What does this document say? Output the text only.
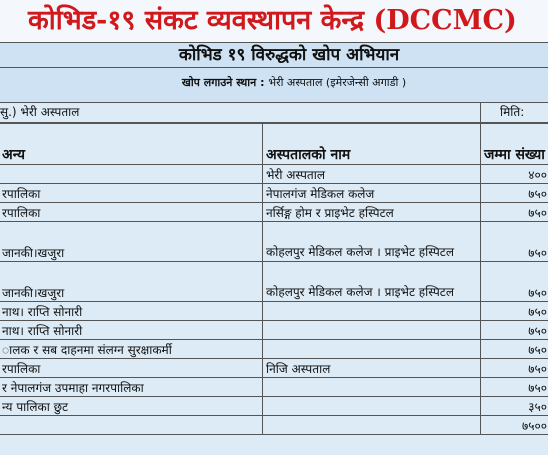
कोभिड-१९ संकट व्यवस्थापन केन्द्र (DCCMC)
कोभिड १९ विरुद्धको खोप अभियान
खोप लगाउने स्थान : भेरी अस्पताल (इमेरजेन्सी अगाडी )
सु.) भेरी अस्पताल	मिति:
अन्य	अस्पतालको नाम	जम्मा संख्या
	भेरी अस्पताल	४००
रपालिका	नेपालगंज मेडिकल कलेज	७५०
रपालिका	नर्सिङ्ग होम र प्राइभेट हस्पिटल	७५०
जानकी।खजुरा	कोहलपुर मेडिकल कलेज । प्राइभेट हस्पिटल	७५०
जानकी।खजुरा	कोहलपुर मेडिकल कलेज । प्राइभेट हस्पिटल	७५०
नाथ। राप्ति सोनारी		७५०
नाथ। राप्ति सोनारी		७५०
ालक र सब दाहनमा संलग्न सुरक्षाकर्मी		७५०
रपालिका	निजि अस्पताल	७५०
र नेपालगंज उपमाहा नगरपालिका		७५०
न्य पालिका छुट		३५०
		७५००
